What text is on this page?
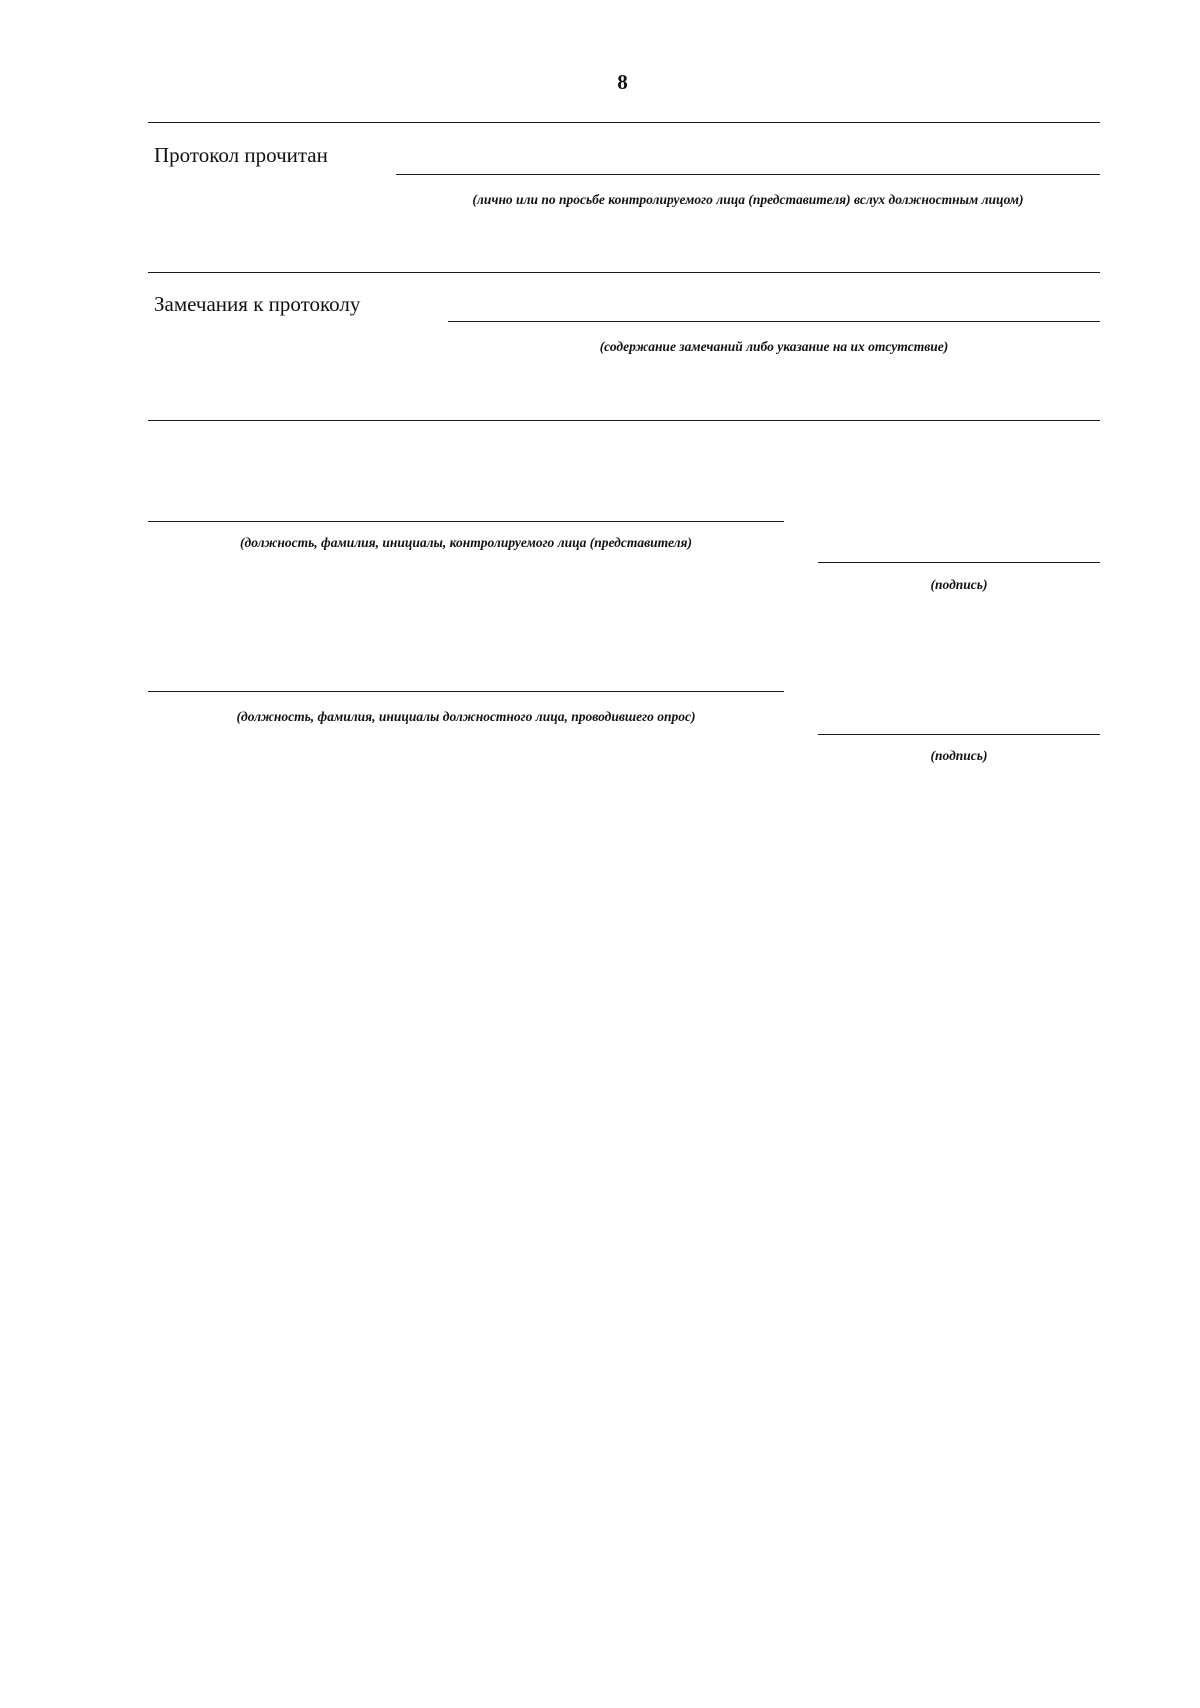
8
Протокол прочитан
(лично или по просьбе контролируемого лица (представителя) вслух должностным лицом)
Замечания к протоколу
(содержание замечаний либо указание на их отсутствие)
(должность, фамилия, инициалы, контролируемого лица (представителя)
(подпись)
(должность, фамилия, инициалы должностного лица, проводившего опрос)
(подпись)
